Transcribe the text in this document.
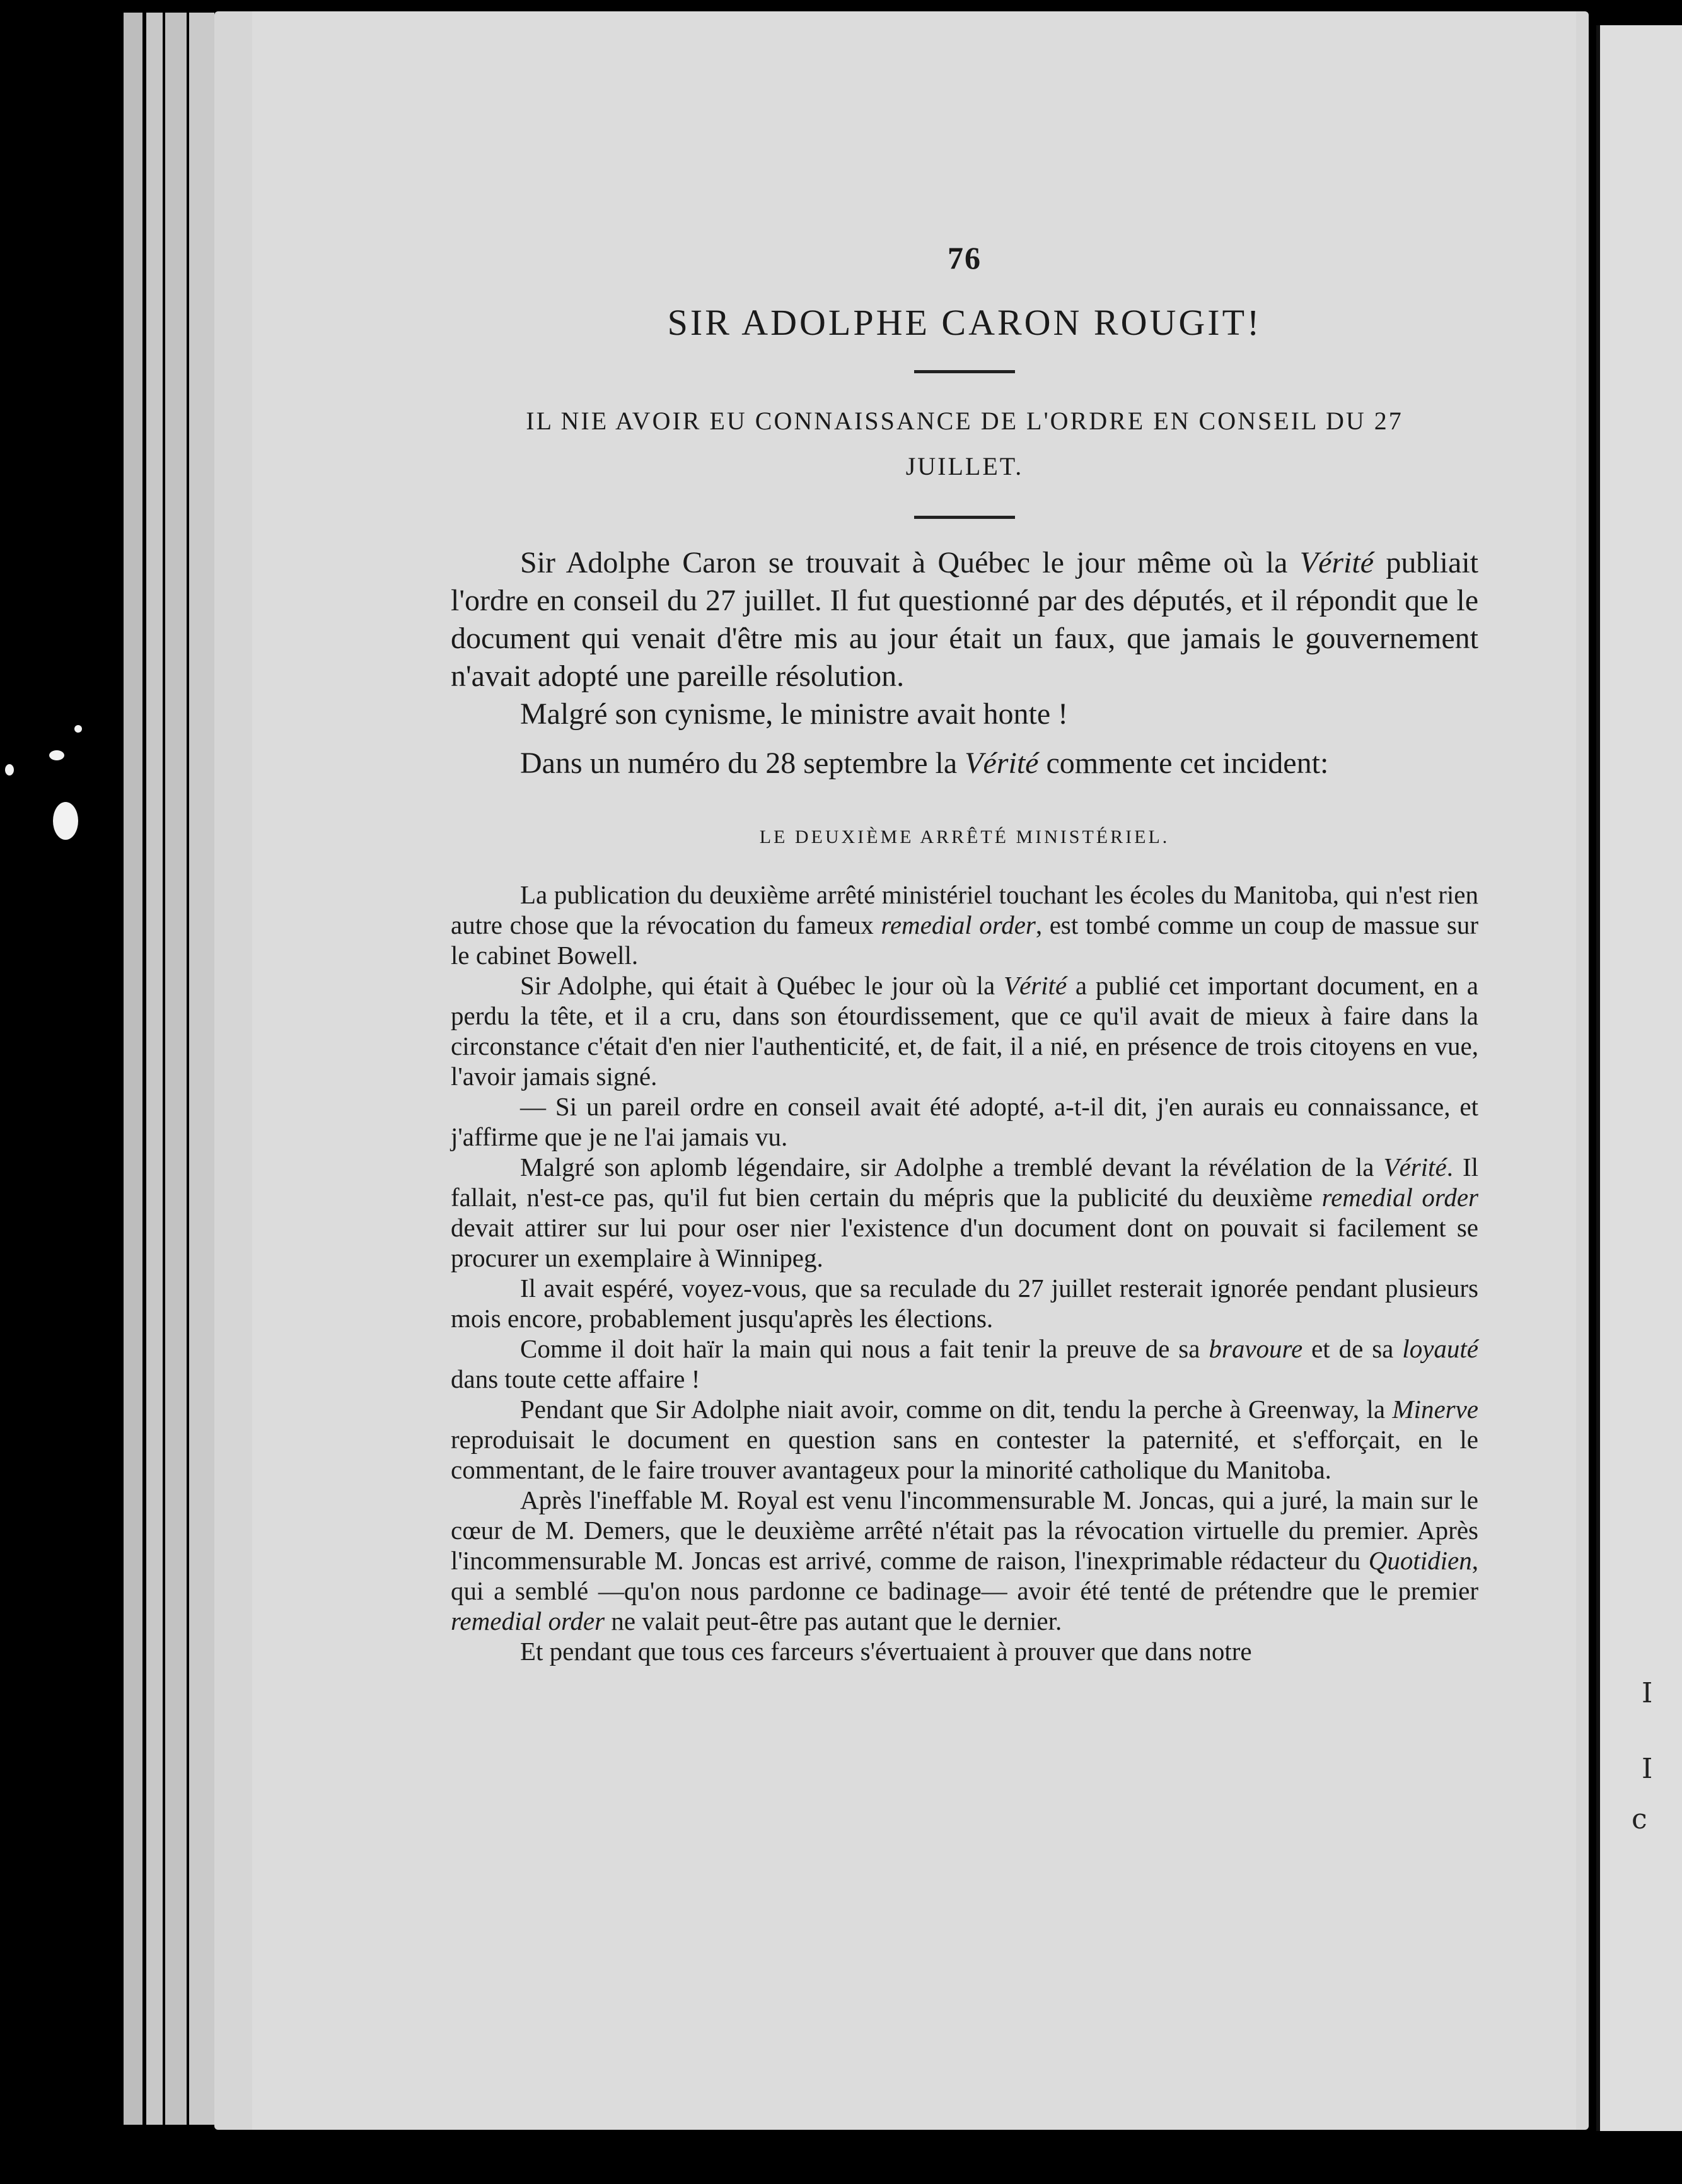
I
I
c
76
SIR ADOLPHE CARON ROUGIT!
IL NIE AVOIR EU CONNAISSANCE DE L'ORDRE EN CONSEIL DU 27 JUILLET.

Sir Adolphe Caron se trouvait à Québec le jour même où la Vérité publiait l'ordre en conseil du 27 juillet. Il fut questionné par des députés, et il répondit que le document qui venait d'être mis au jour était un faux, que jamais le gouvernement n'avait adopté une pareille résolution.

Malgré son cynisme, le ministre avait honte !

Dans un numéro du 28 septembre la Vérité commente cet incident:

LE DEUXIÈME ARRÊTÉ MINISTÉRIEL.

La publication du deuxième arrêté ministériel touchant les écoles du Manitoba, qui n'est rien autre chose que la révocation du fameux remedial order, est tombé comme un coup de massue sur le cabinet Bowell.

Sir Adolphe, qui était à Québec le jour où la Vérité a publié cet important document, en a perdu la tête, et il a cru, dans son étourdissement, que ce qu'il avait de mieux à faire dans la circonstance c'était d'en nier l'authenticité, et, de fait, il a nié, en présence de trois citoyens en vue, l'avoir jamais signé.

— Si un pareil ordre en conseil avait été adopté, a-t-il dit, j'en aurais eu connaissance, et j'affirme que je ne l'ai jamais vu.

Malgré son aplomb légendaire, sir Adolphe a tremblé devant la révélation de la Vérité. Il fallait, n'est-ce pas, qu'il fut bien certain du mépris que la publicité du deuxième remedial order devait attirer sur lui pour oser nier l'existence d'un document dont on pouvait si facilement se procurer un exemplaire à Winnipeg.

Il avait espéré, voyez-vous, que sa reculade du 27 juillet resterait ignorée pendant plusieurs mois encore, probablement jusqu'après les élections.

Comme il doit haïr la main qui nous a fait tenir la preuve de sa bravoure et de sa loyauté dans toute cette affaire !

Pendant que Sir Adolphe niait avoir, comme on dit, tendu la perche à Greenway, la Minerve reproduisait le document en question sans en contester la paternité, et s'efforçait, en le commentant, de le faire trouver avantageux pour la minorité catholique du Manitoba.

Après l'ineffable M. Royal est venu l'incommensurable M. Joncas, qui a juré, la main sur le cœur de M. Demers, que le deuxième arrêté n'était pas la révocation virtuelle du premier. Après l'incommensurable M. Joncas est arrivé, comme de raison, l'inexprimable rédacteur du Quotidien, qui a semblé —qu'on nous pardonne ce badinage— avoir été tenté de prétendre que le premier remedial order ne valait peut-être pas autant que le dernier.

Et pendant que tous ces farceurs s'évertuaient à prouver que dans notre
